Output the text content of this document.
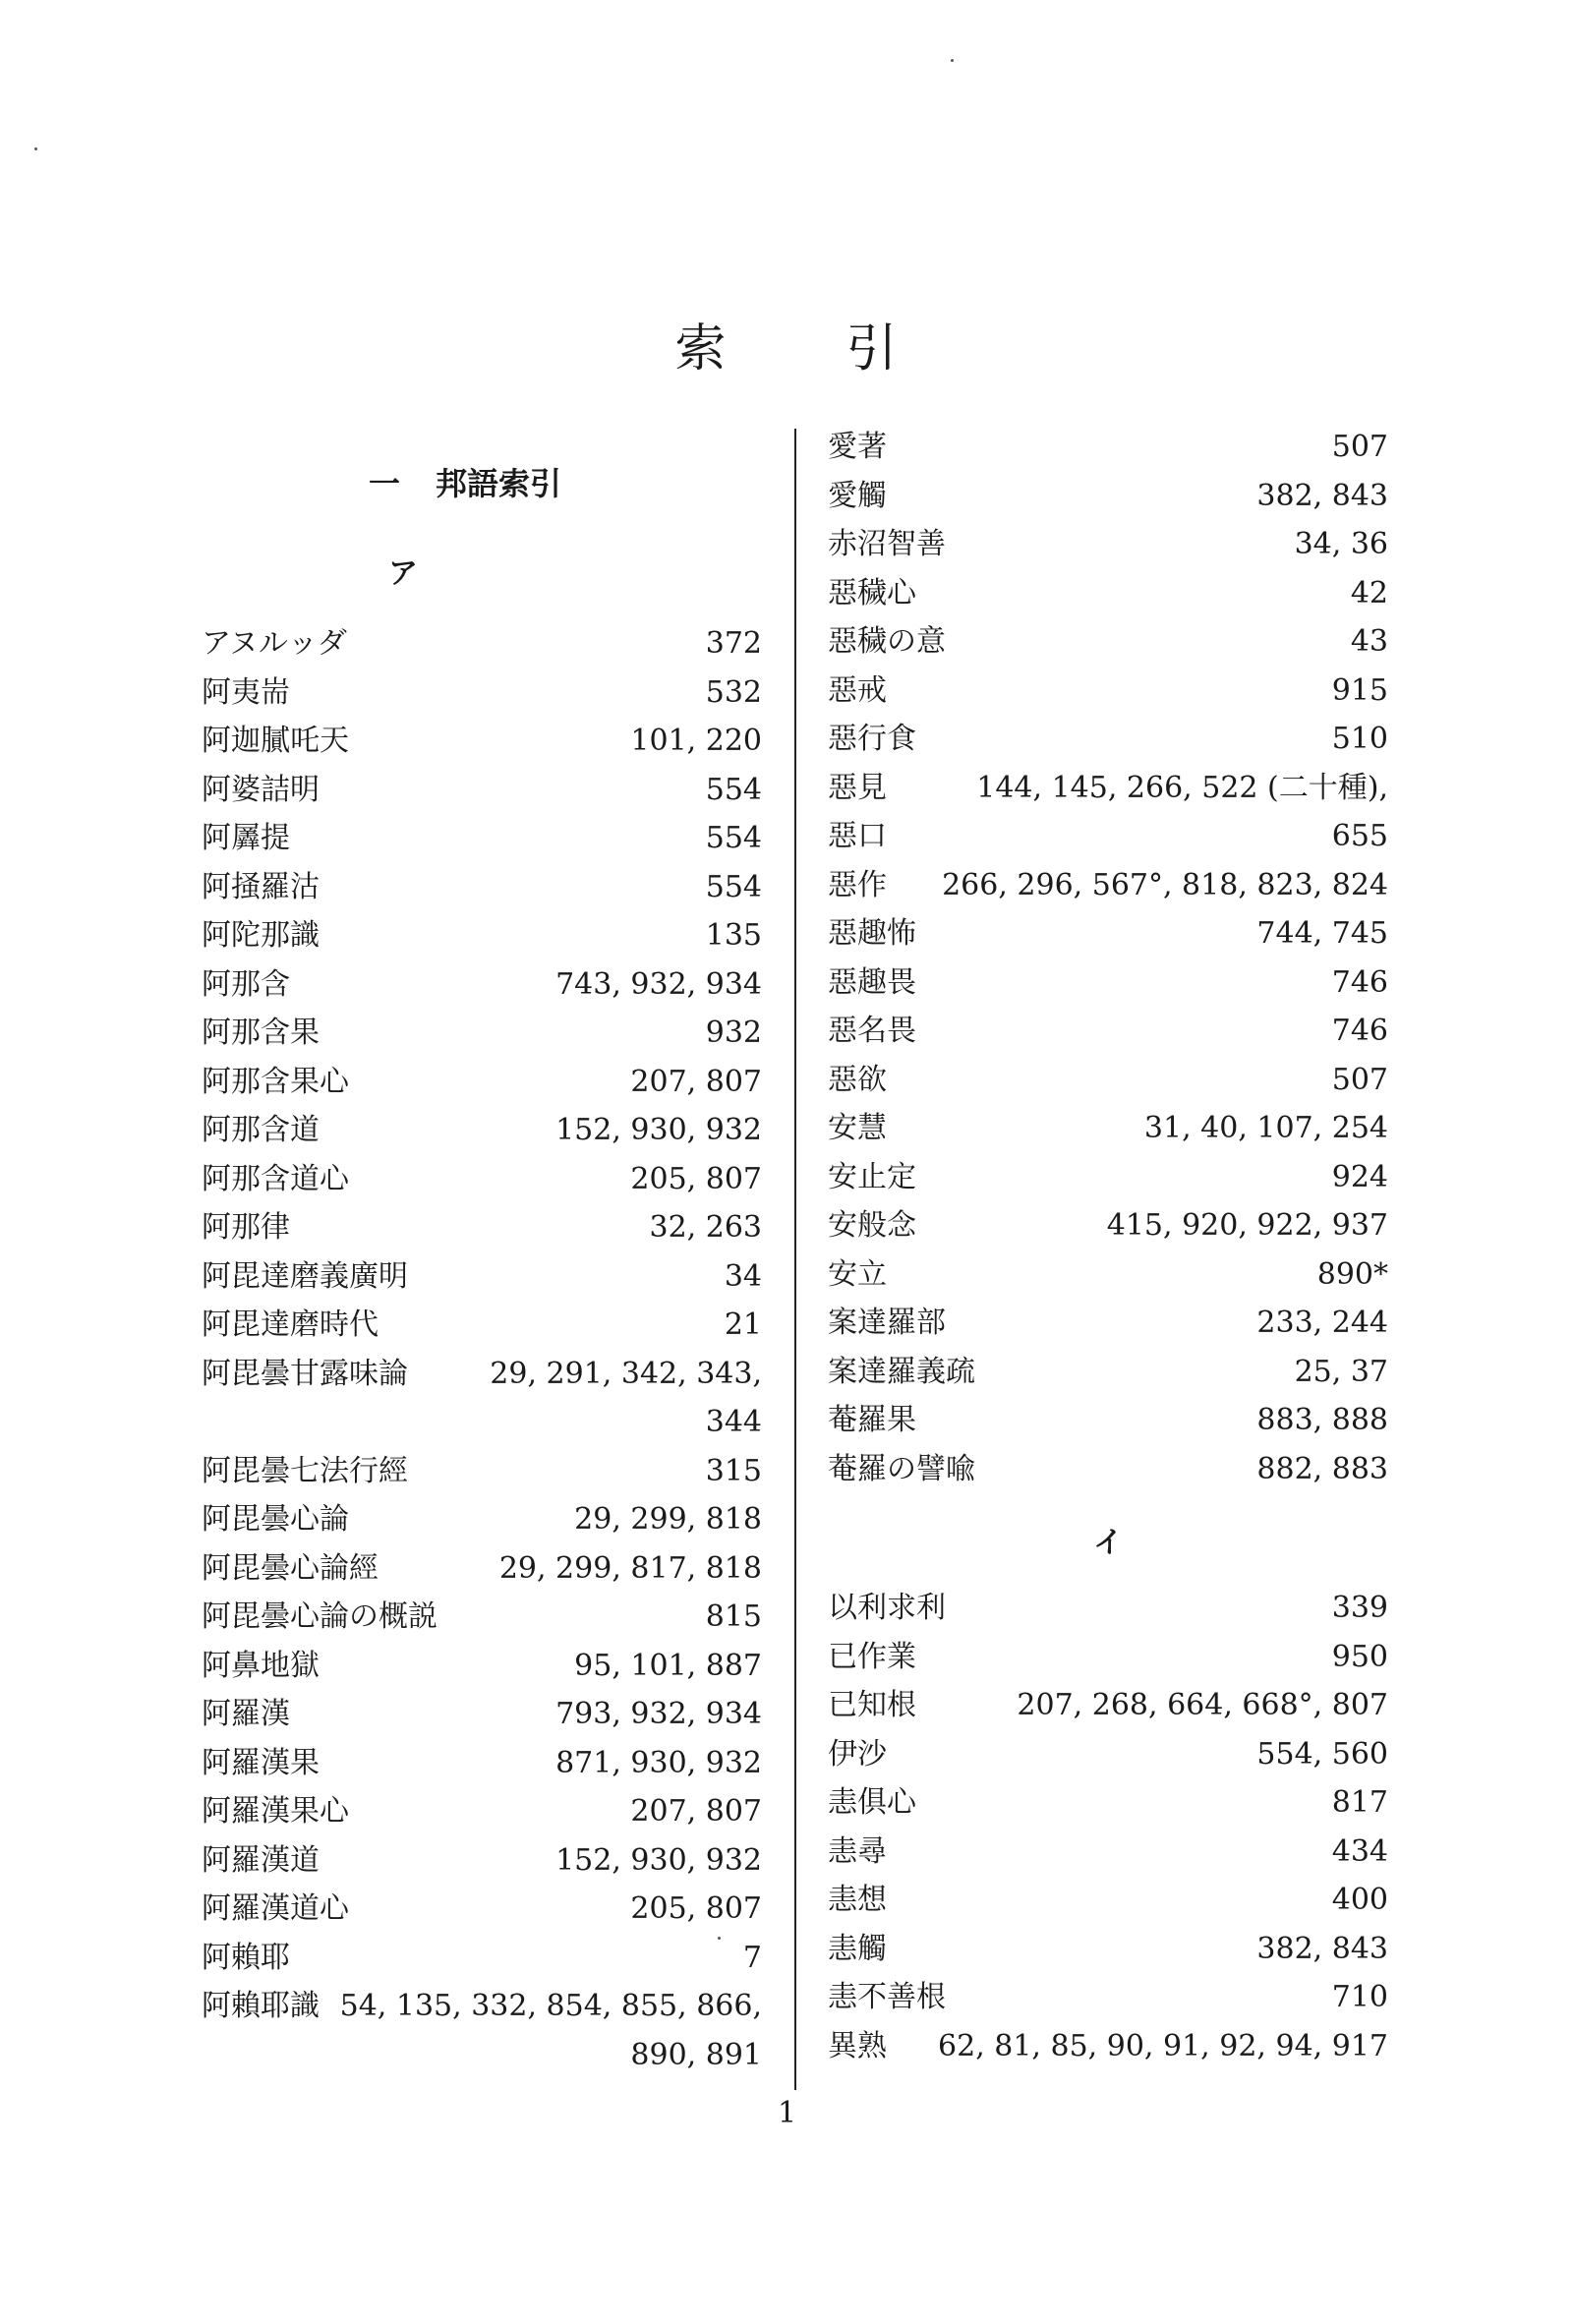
索 引
一 邦語索引
ア
アヌルッダ	372
阿夷耑	532
阿迦膩吒天	101, 220
阿婆詰明	554
阿羼提	554
阿掻羅沽	554
阿陀那識	135
阿那含	743, 932, 934
阿那含果	932
阿那含果心	207, 807
阿那含道	152, 930, 932
阿那含道心	205, 807
阿那律	32, 263
阿毘達磨義廣明	34
阿毘達磨時代	21
阿毘曇甘露味論	29, 291, 342, 343,
344
阿毘曇七法行經	315
阿毘曇心論	29, 299, 818
阿毘曇心論經	29, 299, 817, 818
阿毘曇心論の概説	815
阿鼻地獄	95, 101, 887
阿羅漢	793, 932, 934
阿羅漢果	871, 930, 932
阿羅漢果心	207, 807
阿羅漢道	152, 930, 932
阿羅漢道心	205, 807
阿賴耶	7
阿賴耶識 54, 135, 332, 854, 855, 866,
890, 891
愛著	507
愛觸	382, 843
赤沼智善	34, 36
惡穢心	42
惡穢の意	43
惡戒	915
惡行食	510
惡見	144, 145, 266, 522 (二十種),
惡口	655
惡作 266, 296, 567°, 818, 823, 824
惡趣怖	744, 745
惡趣畏	746
惡名畏	746
惡欲	507
安慧	31, 40, 107, 254
安止定	924
安般念	415, 920, 922, 937
安立	890*
案達羅部	233, 244
案達羅義疏	25, 37
菴羅果	883, 888
菴羅の譬喩	882, 883
イ
以利求利	339
已作業	950
已知根	207, 268, 664, 668°, 807
伊沙	554, 560
恚俱心	817
恚尋	434
恚想	400
恚觸	382, 843
恚不善根	710
異熟 62, 81, 85, 90, 91, 92, 94, 917
1
